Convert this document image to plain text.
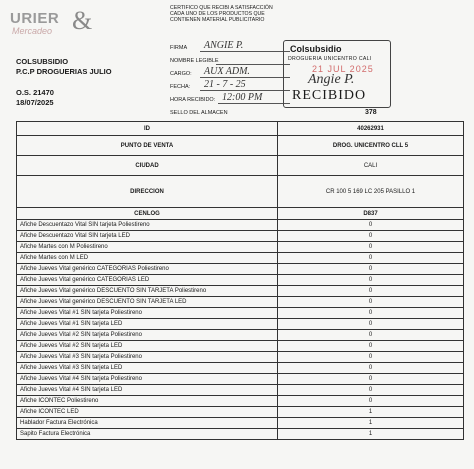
URIER
Mercadeo &
COLSUBSIDIO
P.C.P DROGUERIAS JULIO
O.S. 21470
18/07/2025
CERTIFICO QUE RECIBI A SATISFACCIÓN
CADA UNO DE LOS PRODUCTOS QUE
CONTIENEN MATERIAL PUBLICITARIO
FIRMA ANGIE P.
NOMBRE LEGIBLE
CARGO: AUX ADM.
FECHA: 21 - 7 - 25
HORA RECIBIDO: 12:00 PM
SELLO DEL ALMACEN
Colsubsidio
DROGUERIA UNICENTRO CALI
21 JUL 2025
Angie P.
RECIBIDO
378
ID	40262931
PUNTO DE VENTA	DROG. UNICENTRO CLL 5
CIUDAD	CALI
DIRECCION	CR 100 5 169 LC 205 PASILLO 1
CENLOG	D837
Afiche Descuentazo Vital SIN tarjeta Poliestireno	0
Afiche Descuentazo Vital SIN tarjeta LED	0
Afiche Martes con M Poliestireno	0
Afiche Martes con M LED	0
Afiche Jueves Vital genérico CATEGORIAS Poliestireno	0
Afiche Jueves Vital genérico CATEGORIAS LED	0
Afiche Jueves Vital genérico DESCUENTO SIN TARJETA Poliestireno	0
Afiche Jueves Vital genérico DESCUENTO SIN TARJETA LED	0
Afiche Jueves Vital #1 SIN tarjeta Poliestireno	0
Afiche Jueves Vital #1 SIN tarjeta LED	0
Afiche Jueves Vital #2 SIN tarjeta Poliestireno	0
Afiche Jueves Vital #2 SIN tarjeta LED	0
Afiche Jueves Vital #3 SIN tarjeta Poliestireno	0
Afiche Jueves Vital #3 SIN tarjeta LED	0
Afiche Jueves Vital #4 SIN tarjeta Poliestireno	0
Afiche Jueves Vital #4 SIN tarjeta LED	0
Afiche ICONTEC Poliestireno	0
Afiche ICONTEC LED	1
Hablador Factura Electrónica	1
Sapito Factura Electrónica	1
